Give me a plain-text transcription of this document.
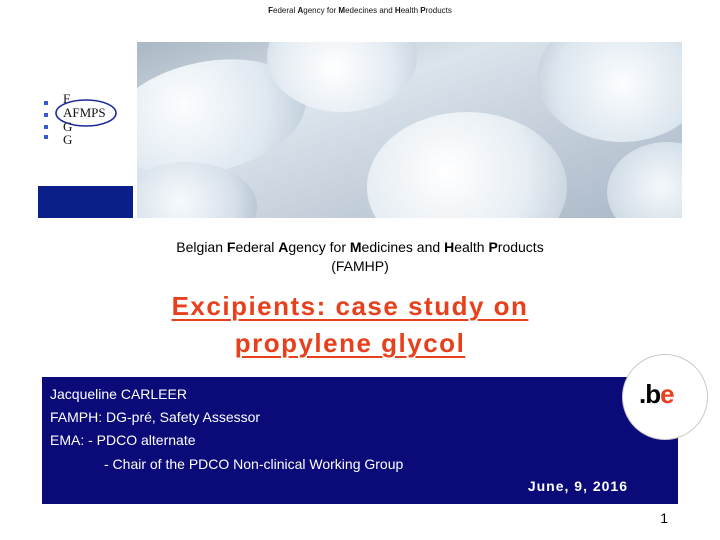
Federal Agency for Medecines and Health Products
F
AFMPS
G
G
Belgian Federal Agency for Medicines and Health Products
(FAMHP)
Excipients: case study on
propylene glycol
Jacqueline CARLEER
FAMPH: DG-pré, Safety Assessor
EMA: - PDCO alternate
- Chair of the PDCO Non-clinical Working Group
June, 9, 2016
.be
1
